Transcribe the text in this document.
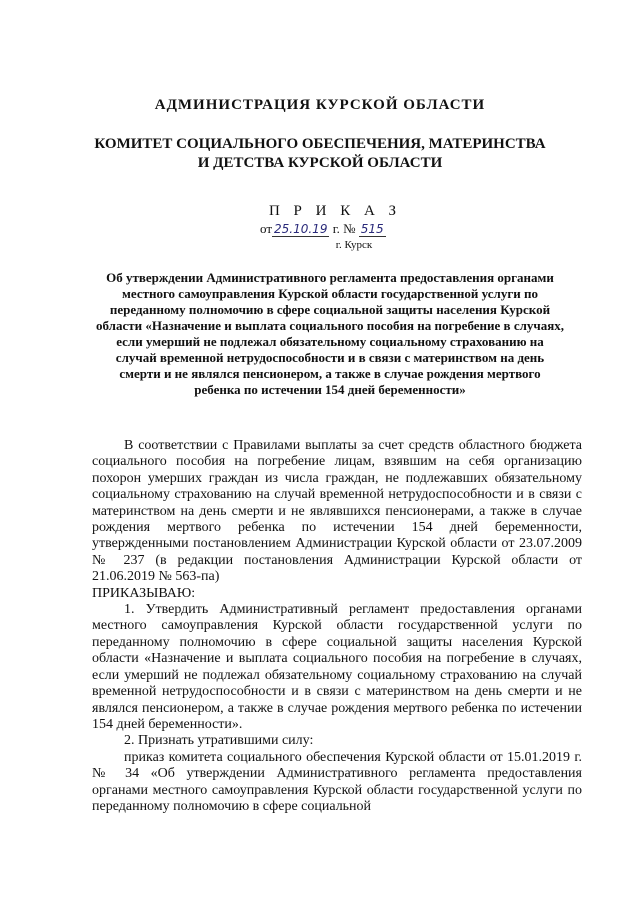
АДМИНИСТРАЦИЯ КУРСКОЙ ОБЛАСТИ
КОМИТЕТ СОЦИАЛЬНОГО ОБЕСПЕЧЕНИЯ, МАТЕРИНСТВА
И ДЕТСТВА КУРСКОЙ ОБЛАСТИ
П Р И К А З
от 25.10.19 г. № 515
г. Курск
Об утверждении Административного регламента предоставления органами местного самоуправления Курской области государственной услуги по переданному полномочию в сфере социальной защиты населения Курской области «Назначение и выплата социального пособия на погребение в случаях, если умерший не подлежал обязательному социальному страхованию на случай временной нетрудоспособности и в связи с материнством на день смерти и не являлся пенсионером, а также в случае рождения мертвого ребенка по истечении 154 дней беременности»

В соответствии с Правилами выплаты за счет средств областного бюджета социального пособия на погребение лицам, взявшим на себя организацию похорон умерших граждан из числа граждан, не подлежавших обязательному социальному страхованию на случай временной нетрудоспособности и в связи с материнством на день смерти и не являвшихся пенсионерами, а также в случае рождения мертвого ребенка по истечении 154 дней беременности, утвержденными постановлением Администрации Курской области от 23.07.2009 № 237 (в редакции постановления Администрации Курской области от 21.06.2019 № 563-па)

ПРИКАЗЫВАЮ:

1. Утвердить Административный регламент предоставления органами местного самоуправления Курской области государственной услуги по переданному полномочию в сфере социальной защиты населения Курской области «Назначение и выплата социального пособия на погребение в случаях, если умерший не подлежал обязательному социальному страхованию на случай временной нетрудоспособности и в связи с материнством на день смерти и не являлся пенсионером, а также в случае рождения мертвого ребенка по истечении 154 дней беременности».

2. Признать утратившими силу:

приказ комитета социального обеспечения Курской области от 15.01.2019 г. № 34 «Об утверждении Административного регламента предоставления органами местного самоуправления Курской области государственной услуги по переданному полномочию в сфере социальной
